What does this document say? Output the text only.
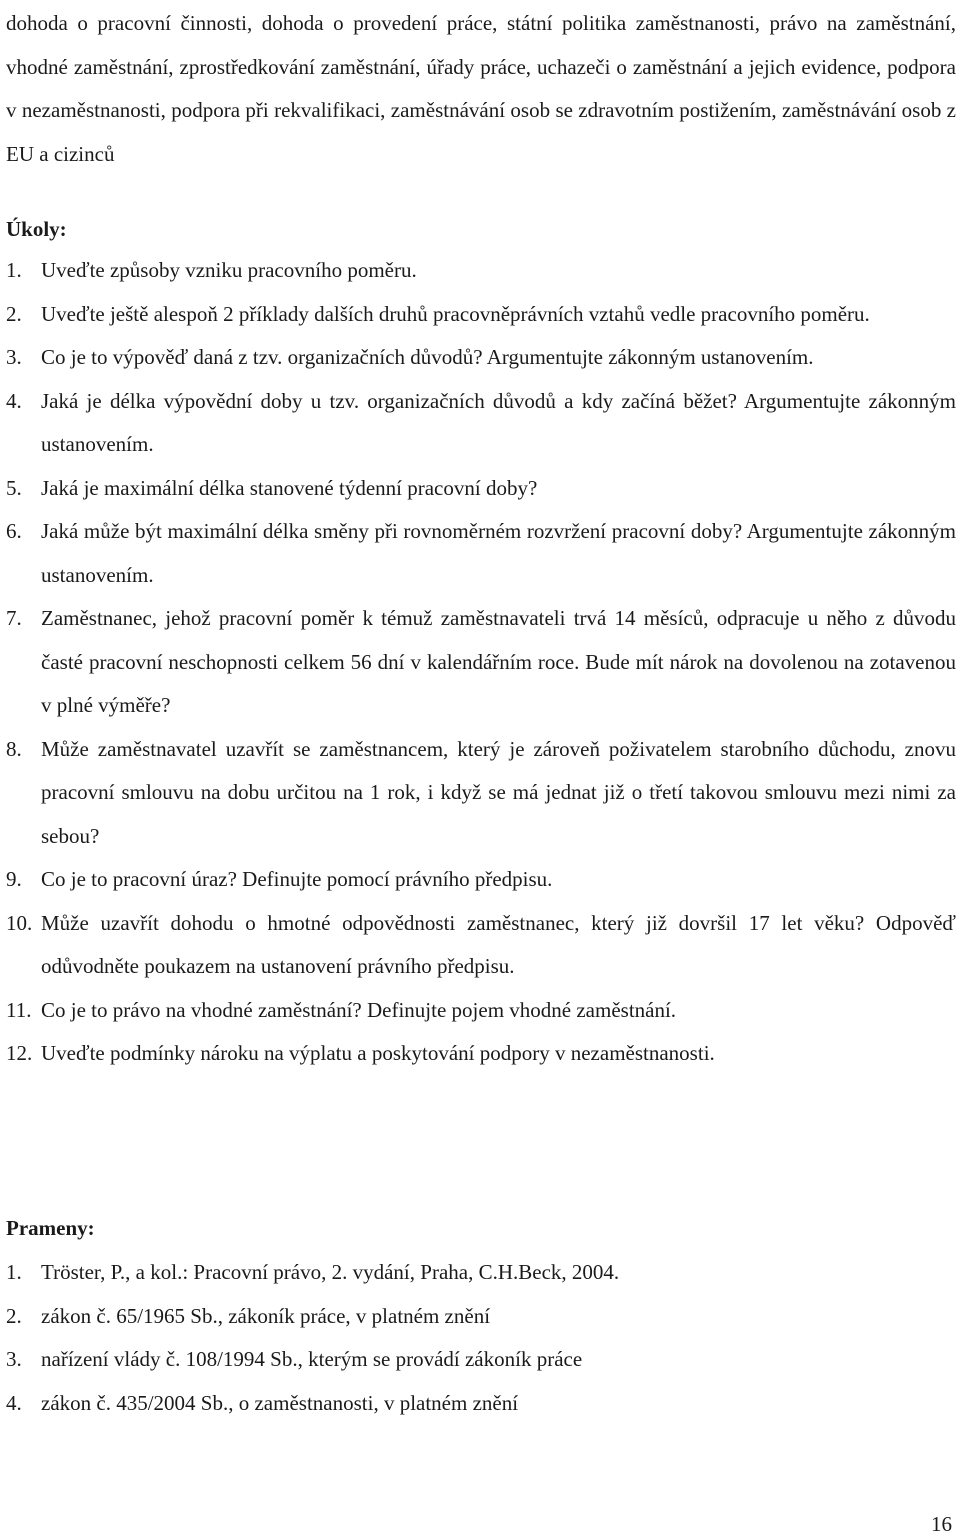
dohoda o pracovní činnosti, dohoda o provedení práce, státní politika zaměstnanosti, právo na zaměstnání, vhodné zaměstnání, zprostředkování zaměstnání, úřady práce, uchazeči o zaměstnání a jejich evidence, podpora v nezaměstnanosti, podpora při rekvalifikaci, zaměstnávání osob se zdravotním postižením, zaměstnávání osob z EU a cizinců

Úkoly:

1. Uveďte způsoby vzniku pracovního poměru.
2. Uveďte ještě alespoň 2 příklady dalších druhů pracovněprávních vztahů vedle pracovního poměru.
3. Co je to výpověď daná z tzv. organizačních důvodů? Argumentujte zákonným ustanovením.
4. Jaká je délka výpovědní doby u tzv. organizačních důvodů a kdy začíná běžet? Argumentujte zákonným ustanovením.
5. Jaká je maximální délka stanovené týdenní pracovní doby?
6. Jaká může být maximální délka směny při rovnoměrném rozvržení pracovní doby? Argumentujte zákonným ustanovením.
7. Zaměstnanec, jehož pracovní poměr k témuž zaměstnavateli trvá 14 měsíců, odpracuje u něho z důvodu časté pracovní neschopnosti celkem 56 dní v kalendářním roce. Bude mít nárok na dovolenou na zotavenou v plné výměře?
8. Může zaměstnavatel uzavřít se zaměstnancem, který je zároveň poživatelem starobního důchodu, znovu pracovní smlouvu na dobu určitou na 1 rok, i když se má jednat již o třetí takovou smlouvu mezi nimi za sebou?
9. Co je to pracovní úraz? Definujte pomocí právního předpisu.
10. Může uzavřít dohodu o hmotné odpovědnosti zaměstnanec, který již dovršil 17 let věku? Odpověď odůvodněte poukazem na ustanovení právního předpisu.
11. Co je to právo na vhodné zaměstnání? Definujte pojem vhodné zaměstnání.
12. Uveďte podmínky nároku na výplatu a poskytování podpory v nezaměstnanosti.

Prameny:

1. Tröster, P., a kol.: Pracovní právo, 2. vydání, Praha, C.H.Beck, 2004.
2. zákon č. 65/1965 Sb., zákoník práce, v platném znění
3. nařízení vlády č. 108/1994 Sb., kterým se provádí zákoník práce
4. zákon č. 435/2004 Sb., o zaměstnanosti, v platném znění
16
